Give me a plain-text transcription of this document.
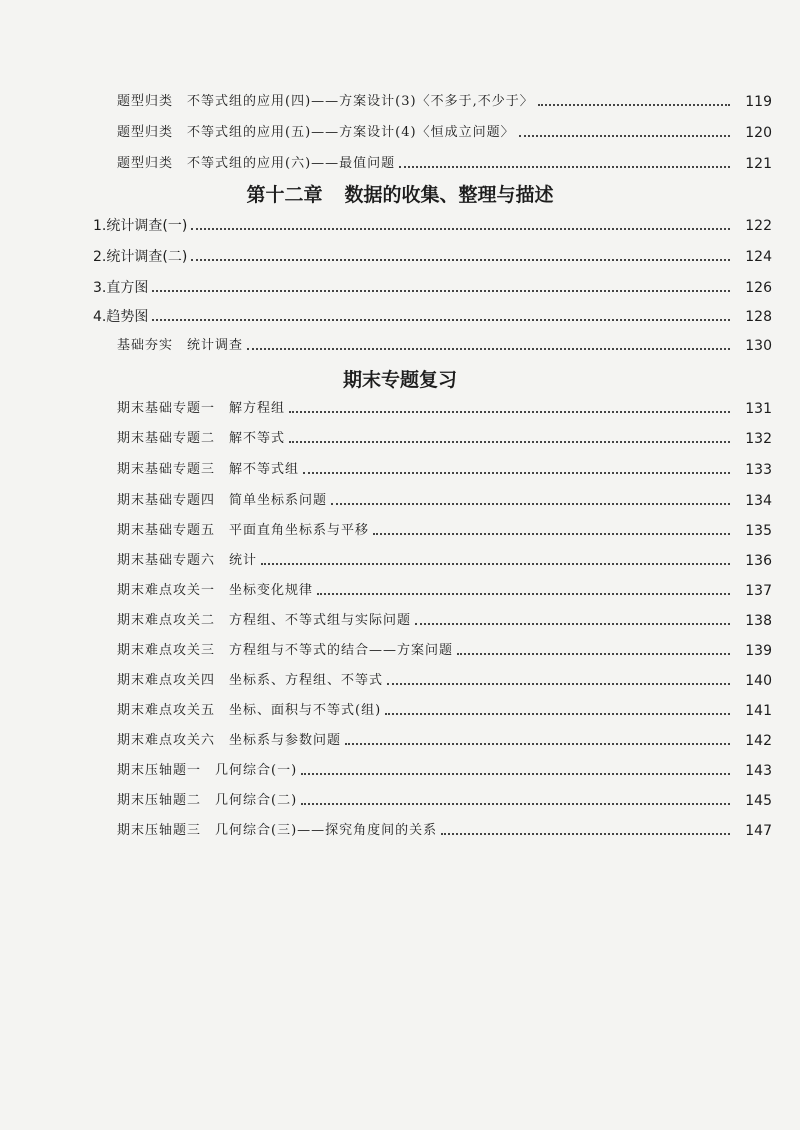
题型归类 不等式组的应用(四)——方案设计(3)〈不多于,不少于〉	119
题型归类 不等式组的应用(五)——方案设计(4)〈恒成立问题〉	120
题型归类 不等式组的应用(六)——最值问题	121
第十二章 数据的收集、整理与描述
1.统计调查(一)	122
2.统计调查(二)	124
3.直方图	126
4.趋势图	128
基础夯实 统计调查	130
期末专题复习
期末基础专题一 解方程组	131
期末基础专题二 解不等式	132
期末基础专题三 解不等式组	133
期末基础专题四 简单坐标系问题	134
期末基础专题五 平面直角坐标系与平移	135
期末基础专题六 统计	136
期末难点攻关一 坐标变化规律	137
期末难点攻关二 方程组、不等式组与实际问题	138
期末难点攻关三 方程组与不等式的结合——方案问题	139
期末难点攻关四 坐标系、方程组、不等式	140
期末难点攻关五 坐标、面积与不等式(组)	141
期末难点攻关六 坐标系与参数问题	142
期末压轴题一 几何综合(一)	143
期末压轴题二 几何综合(二)	145
期末压轴题三 几何综合(三)——探究角度间的关系	147
